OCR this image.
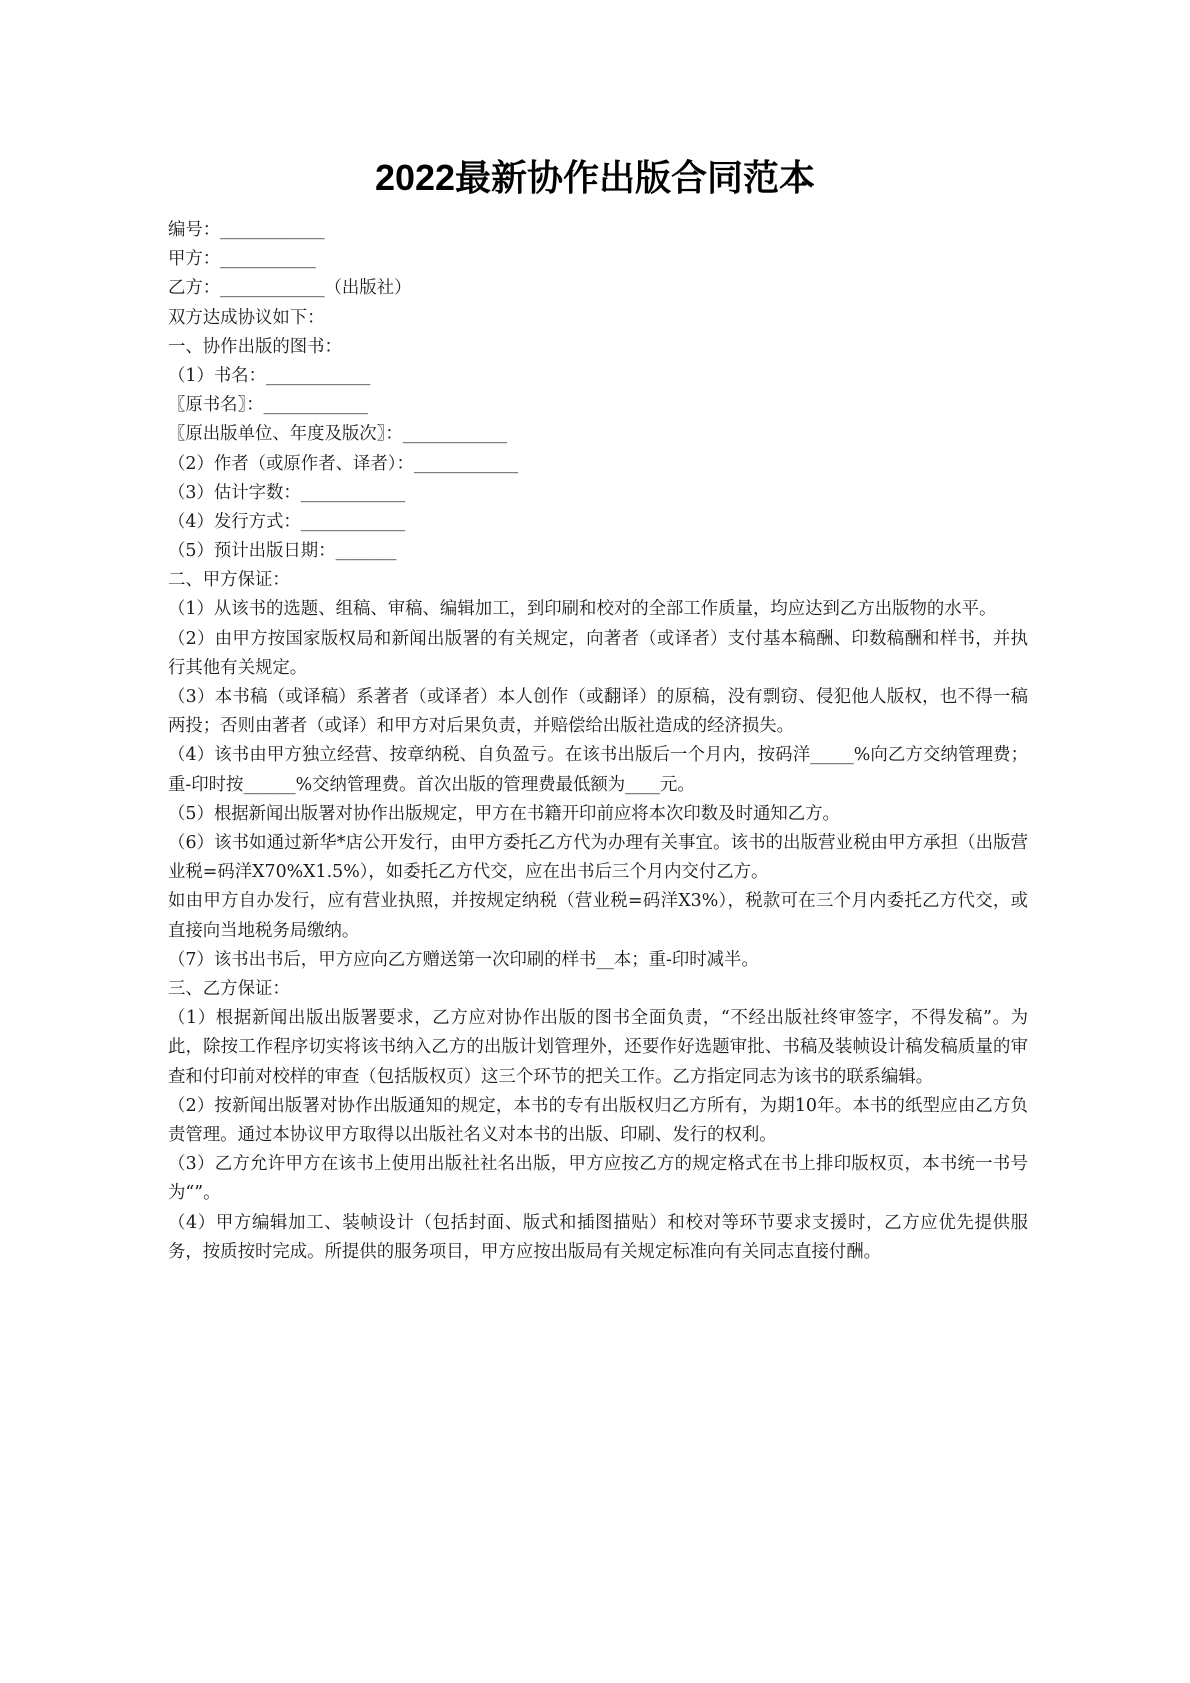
2022最新协作出版合同范本
编号：____________
甲方：___________
乙方：____________（出版社）
双方达成协议如下：
一、协作出版的图书：
（1）书名：____________
〖原书名〗：____________
〖原出版单位、年度及版次〗：____________
（2）作者（或原作者、译者）：____________
（3）估计字数：____________
（4）发行方式：____________
（5）预计出版日期：_______
二、甲方保证：
（1）从该书的选题、组稿、审稿、编辑加工，到印刷和校对的全部工作质量，均应达到乙方出版物的水平。
（2）由甲方按国家版权局和新闻出版署的有关规定，向著者（或译者）支付基本稿酬、印数稿酬和样书，并执行其他有关规定。
（3）本书稿（或译稿）系著者（或译者）本人创作（或翻译）的原稿，没有剽窃、侵犯他人版权，也不得一稿两投；否则由著者（或译）和甲方对后果负责，并赔偿给出版社造成的经济损失。
（4）该书由甲方独立经营、按章纳税、自负盈亏。在该书出版后一个月内，按码洋_____%向乙方交纳管理费；重-印时按______%交纳管理费。首次出版的管理费最低额为____元。
（5）根据新闻出版署对协作出版规定，甲方在书籍开印前应将本次印数及时通知乙方。
（6）该书如通过新华*店公开发行，由甲方委托乙方代为办理有关事宜。该书的出版营业税由甲方承担（出版营业税=码洋X70%X1.5%），如委托乙方代交，应在出书后三个月内交付乙方。
如由甲方自办发行，应有营业执照，并按规定纳税（营业税=码洋X3%），税款可在三个月内委托乙方代交，或直接向当地税务局缴纳。
（7）该书出书后，甲方应向乙方赠送第一次印刷的样书__本；重-印时减半。
三、乙方保证：
（1）根据新闻出版出版署要求，乙方应对协作出版的图书全面负责，“不经出版社终审签字，不得发稿”。为此，除按工作程序切实将该书纳入乙方的出版计划管理外，还要作好选题审批、书稿及装帧设计稿发稿质量的审查和付印前对校样的审查（包括版权页）这三个环节的把关工作。乙方指定同志为该书的联系编辑。
（2）按新闻出版署对协作出版通知的规定，本书的专有出版权归乙方所有，为期10年。本书的纸型应由乙方负责管理。通过本协议甲方取得以出版社名义对本书的出版、印刷、发行的权利。
（3）乙方允许甲方在该书上使用出版社社名出版，甲方应按乙方的规定格式在书上排印版权页，本书统一书号为“”。
（4）甲方编辑加工、装帧设计（包括封面、版式和插图描贴）和校对等环节要求支援时，乙方应优先提供服务，按质按时完成。所提供的服务项目，甲方应按出版局有关规定标准向有关同志直接付酬。
